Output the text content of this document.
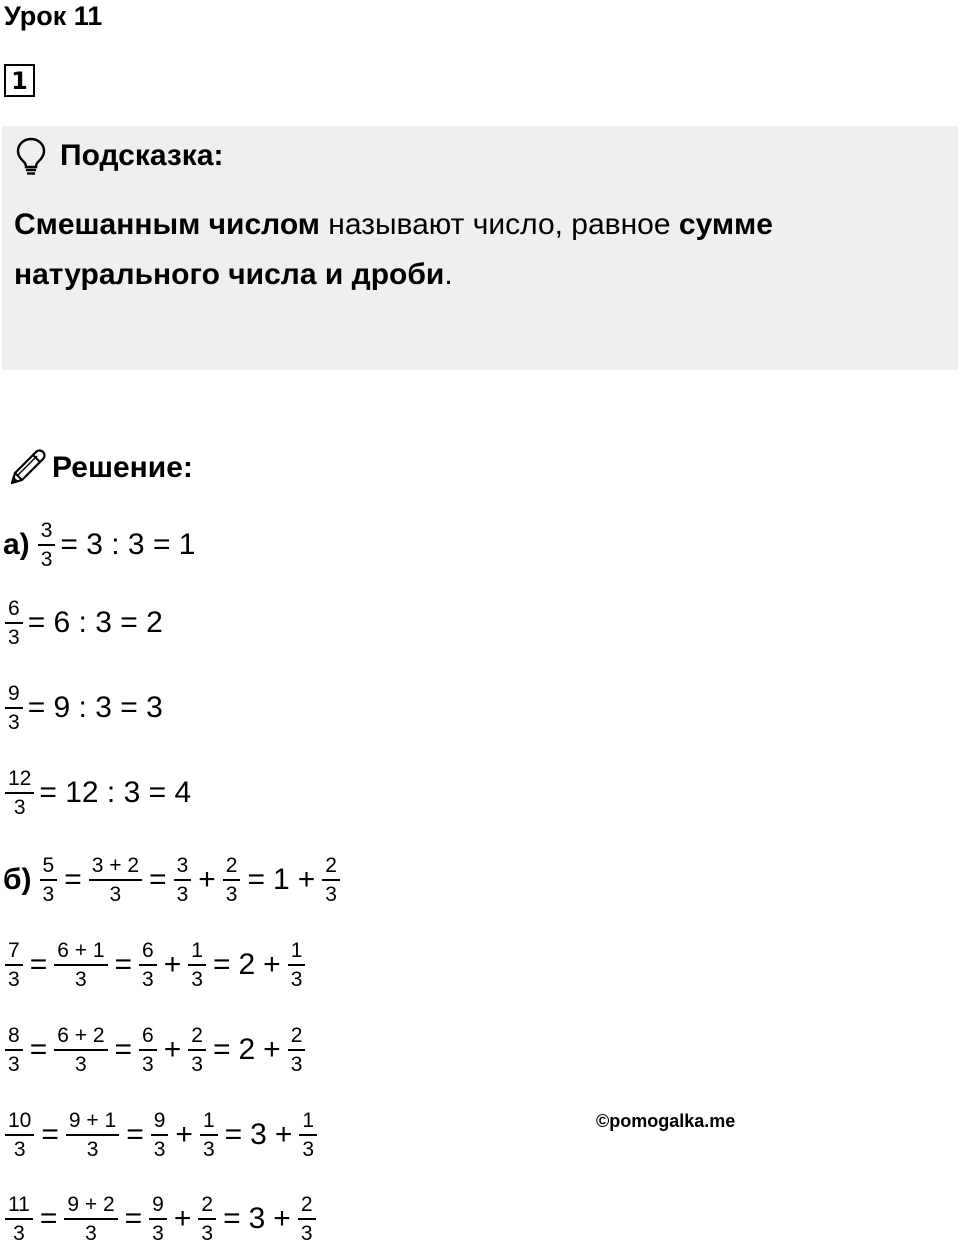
Урок 11
1
Подсказка:
Смешанным числом называют число, равное сумме натурального числа и дроби.
Решение:
$а) \frac{3}{3} = 3$ : 3 = 1
$\frac{6}{3} = 6$ : 3 = 2
$\frac{9}{3} = 9$ : 3 = 3
$\frac{12}{3} = 12$ : 3 = 4
$б) \frac{5}{3} = \frac{3 + 2}{3} = \frac{3}{3} + \frac{2}{3} = 1 + \frac{2}{3}$
$\frac{7}{3} = \frac{6 + 1}{3} = \frac{6}{3} + \frac{1}{3} = 2 + \frac{1}{3}$
$\frac{8}{3} = \frac{6 + 2}{3} = \frac{6}{3} + \frac{2}{3} = 2 + \frac{2}{3}$
$\frac{10}{3} = \frac{9 + 1}{3} = \frac{9}{3} + \frac{1}{3} = 3 + \frac{1}{3}$
$\frac{11}{3} = \frac{9 + 2}{3} = \frac{9}{3} + \frac{2}{3} = 3 + \frac{2}{3}$
©pomogalka.me
